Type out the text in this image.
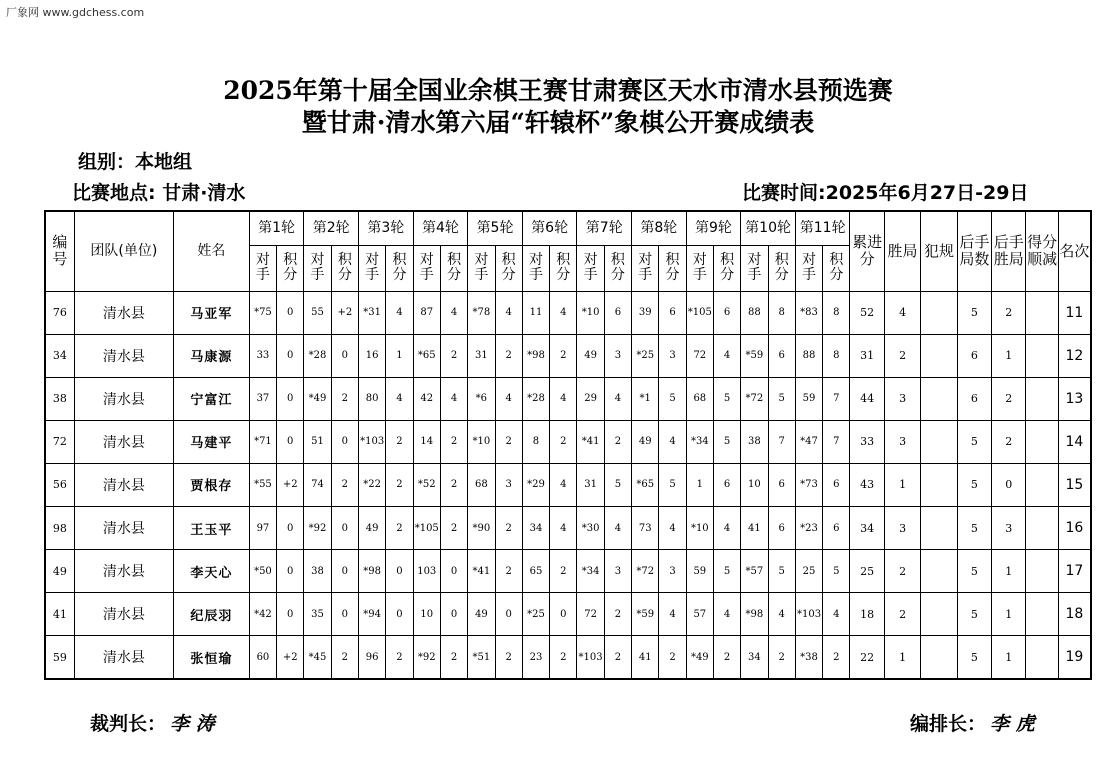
厂象网 www.gdchess.com
2025年第十届全国业余棋王赛甘肃赛区天水市清水县预选赛
暨甘肃·清水第六届“轩辕杯”象棋公开赛成绩表
组别：本地组
比赛地点: 甘肃·清水	比赛时间:2025年6月27日-29日
编号	团队(单位)	姓名	第1轮		第2轮		第3轮		第4轮		第5轮		第6轮		第7轮		第8轮		第9轮		第10轮		第11轮		累进分	胜局	犯规	后手局数	后手胜局	得分顺减	名次
			对手	积分	对手	积分	对手	积分	对手	积分	对手	积分	对手	积分	对手	积分	对手	积分	对手	积分	对手	积分	对手	积分							
76	清水县	马亚军	*75	0	55	+2	*31	4	87	4	*78	4	11	4	*10	6	39	6	*105	6	88	8	*83	8	52	4		5	2		11
34	清水县	马康源	33	0	*28	0	16	1	*65	2	31	2	*98	2	49	3	*25	3	72	4	*59	6	88	8	31	2		6	1		12
38	清水县	宁富江	37	0	*49	2	80	4	42	4	*6	4	*28	4	29	4	*1	5	68	5	*72	5	59	7	44	3		6	2		13
72	清水县	马建平	*71	0	51	0	*103	2	14	2	*10	2	8	2	*41	2	49	4	*34	5	38	7	*47	7	33	3		5	2		14
56	清水县	贾根存	*55	+2	74	2	*22	2	*52	2	68	3	*29	4	31	5	*65	5	1	6	10	6	*73	6	43	1		5	0		15
98	清水县	王玉平	97	0	*92	0	49	2	*105	2	*90	2	34	4	*30	4	73	4	*10	4	41	6	*23	6	34	3		5	3		16
49	清水县	李天心	*50	0	38	0	*98	0	103	0	*41	2	65	2	*34	3	*72	3	59	5	*57	5	25	5	25	2		5	1		17
41	清水县	纪辰羽	*42	0	35	0	*94	0	10	0	49	0	*25	0	72	2	*59	4	57	4	*98	4	*103	4	18	2		5	1		18
59	清水县	张恒瑜	60	+2	*45	2	96	2	*92	2	*51	2	23	2	*103	2	41	2	*49	2	34	2	*38	2	22	1		5	1		19
裁判长： 李 涛	编排长： 李 虎
